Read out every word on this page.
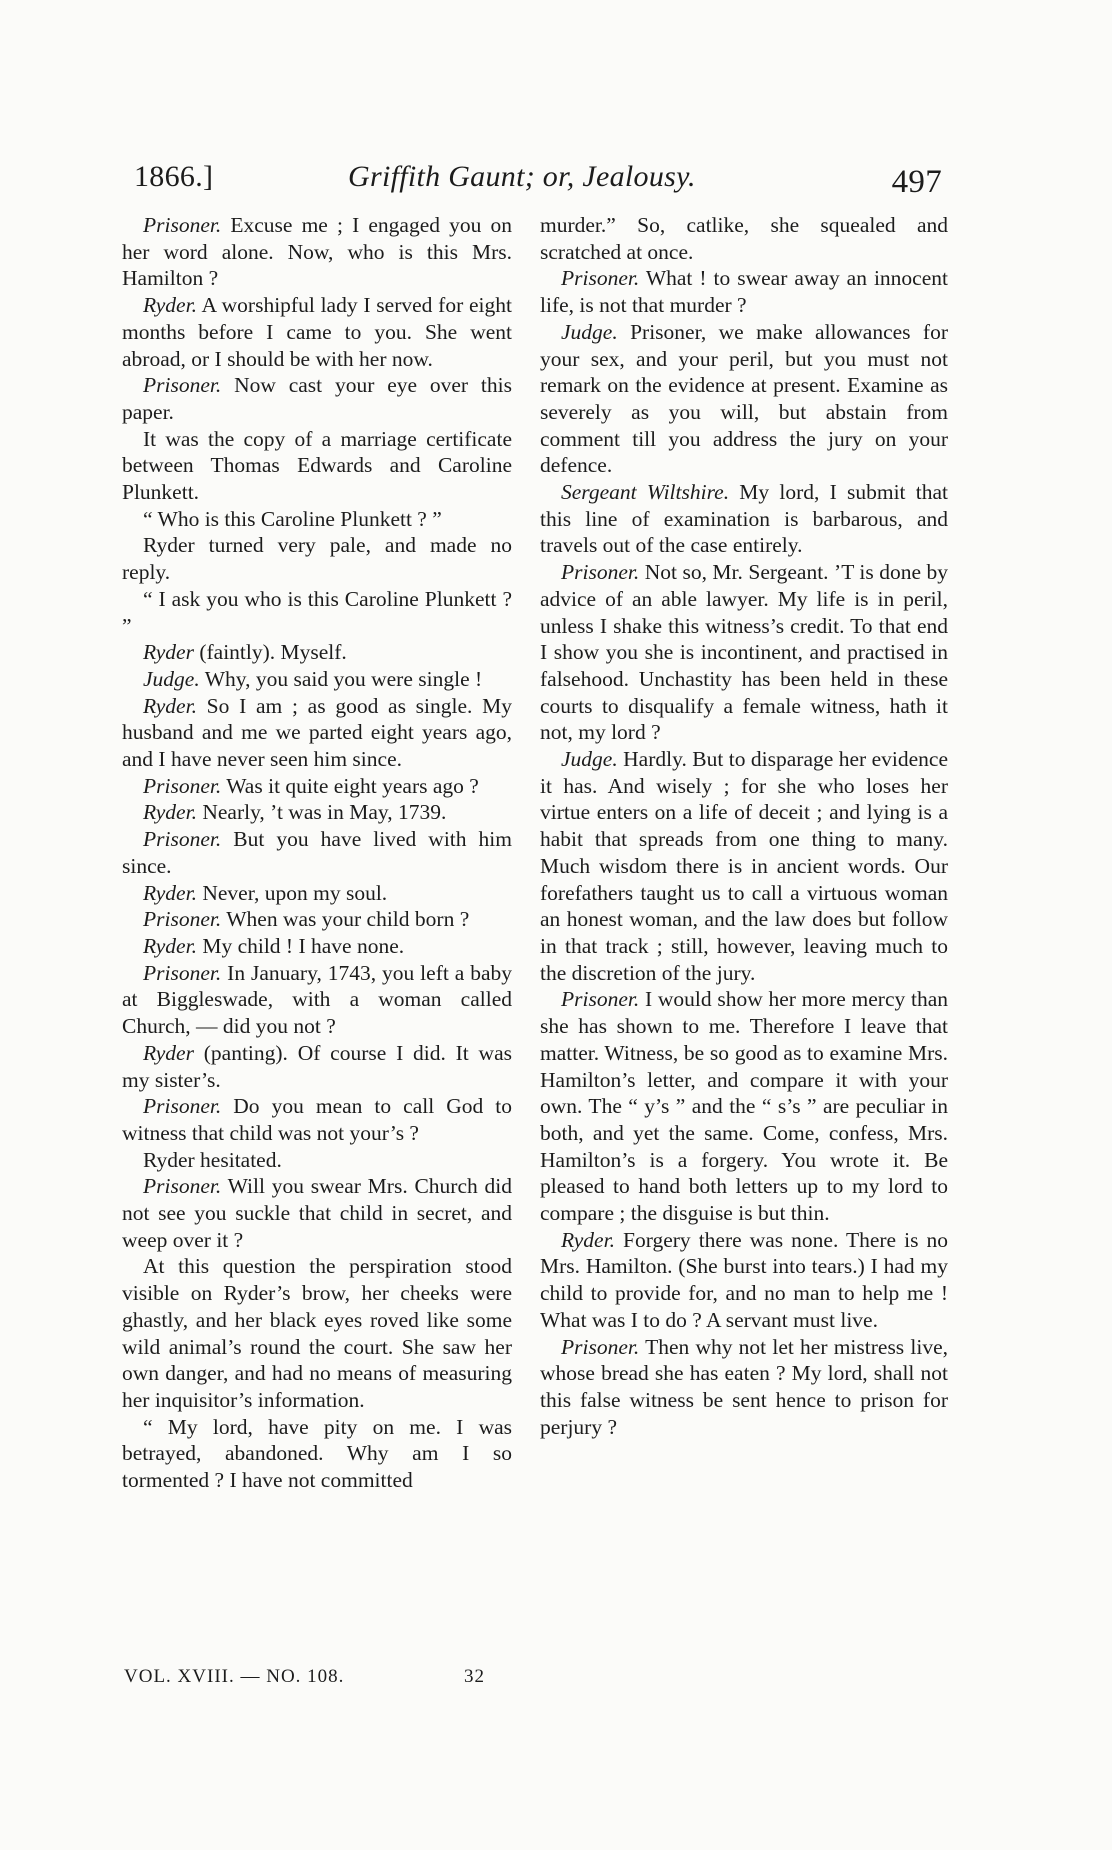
1866.]	Griffith Gaunt; or, Jealousy.	497

Prisoner. Excuse me ; I engaged you on her word alone. Now, who is this Mrs. Hamilton ?

Ryder. A worshipful lady I served for eight months before I came to you. She went abroad, or I should be with her now.

Prisoner. Now cast your eye over this paper.

It was the copy of a marriage certificate between Thomas Edwards and Caroline Plunkett.

“ Who is this Caroline Plunkett ? ”

Ryder turned very pale, and made no reply.

“ I ask you who is this Caroline Plunkett ? ”

Ryder (faintly). Myself.

Judge. Why, you said you were single !

Ryder. So I am ; as good as single. My husband and me we parted eight years ago, and I have never seen him since.

Prisoner. Was it quite eight years ago ?

Ryder. Nearly, ’t was in May, 1739.

Prisoner. But you have lived with him since.

Ryder. Never, upon my soul.

Prisoner. When was your child born ?

Ryder. My child ! I have none.

Prisoner. In January, 1743, you left a baby at Biggleswade, with a woman called Church, — did you not ?

Ryder (panting). Of course I did. It was my sister’s.

Prisoner. Do you mean to call God to witness that child was not your’s ?

Ryder hesitated.

Prisoner. Will you swear Mrs. Church did not see you suckle that child in secret, and weep over it ?

At this question the perspiration stood visible on Ryder’s brow, her cheeks were ghastly, and her black eyes roved like some wild animal’s round the court. She saw her own danger, and had no means of measuring her inquisitor’s information.

“ My lord, have pity on me. I was betrayed, abandoned. Why am I so tormented ? I have not committed

murder.” So, catlike, she squealed and scratched at once.

Prisoner. What ! to swear away an innocent life, is not that murder ?

Judge. Prisoner, we make allowances for your sex, and your peril, but you must not remark on the evidence at present. Examine as severely as you will, but abstain from comment till you address the jury on your defence.

Sergeant Wiltshire. My lord, I submit that this line of examination is barbarous, and travels out of the case entirely.

Prisoner. Not so, Mr. Sergeant. ’T is done by advice of an able lawyer. My life is in peril, unless I shake this witness’s credit. To that end I show you she is incontinent, and practised in falsehood. Unchastity has been held in these courts to disqualify a female witness, hath it not, my lord ?

Judge. Hardly. But to disparage her evidence it has. And wisely ; for she who loses her virtue enters on a life of deceit ; and lying is a habit that spreads from one thing to many. Much wisdom there is in ancient words. Our forefathers taught us to call a virtuous woman an honest woman, and the law does but follow in that track ; still, however, leaving much to the discretion of the jury.

Prisoner. I would show her more mercy than she has shown to me. Therefore I leave that matter. Witness, be so good as to examine Mrs. Hamilton’s letter, and compare it with your own. The “ y’s ” and the “ s’s ” are peculiar in both, and yet the same. Come, confess, Mrs. Hamilton’s is a forgery. You wrote it. Be pleased to hand both letters up to my lord to compare ; the disguise is but thin.

Ryder. Forgery there was none. There is no Mrs. Hamilton. (She burst into tears.) I had my child to provide for, and no man to help me ! What was I to do ? A servant must live.

Prisoner. Then why not let her mistress live, whose bread she has eaten ? My lord, shall not this false witness be sent hence to prison for perjury ?

VOL. XVIII. — NO. 108.	32
